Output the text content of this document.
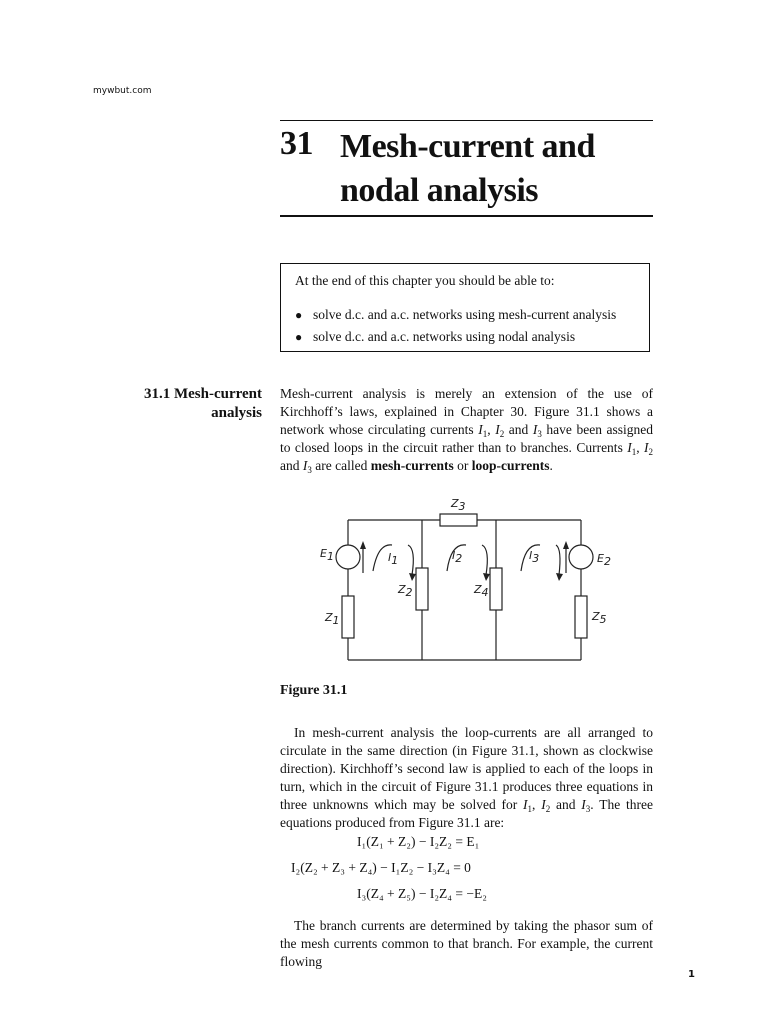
mywbut.com
31 Mesh-current and
nodal analysis
At the end of this chapter you should be able to:
● solve d.c. and a.c. networks using mesh-current analysis
● solve d.c. and a.c. networks using nodal analysis
31.1 Mesh-current
analysis

Mesh-current analysis is merely an extension of the use of Kirchhoff’s laws, explained in Chapter 30. Figure 31.1 shows a network whose circulating currents $I_1$, $I_2$ and $I_3$ have been assigned to closed loops in the circuit rather than to branches. Currents $I_1$, $I_2$ and $I_3$ are called mesh-currents or loop-currents.

Z3
E1	I1	I2	I3	E2
Z2	Z4
Z1	Z5
Figure 31.1

In mesh-current analysis the loop-currents are all arranged to circulate in the same direction (in Figure 31.1, shown as clockwise direction). Kirchhoff’s second law is applied to each of the loops in turn, which in the circuit of Figure 31.1 produces three equations in three unknowns which may be solved for $I_1$, $I_2$ and $I_3$. The three equations produced from Figure 31.1 are:

I₁(Z₁ + Z₂) − I₂Z₂ = E₁
I₂(Z₂ + Z₃ + Z₄) − I₁Z₂ − I₃Z₄ = 0
I₃(Z₄ + Z₅) − I₂Z₄ = −E₂

The branch currents are determined by taking the phasor sum of the mesh currents common to that branch. For example, the current flowing

1
